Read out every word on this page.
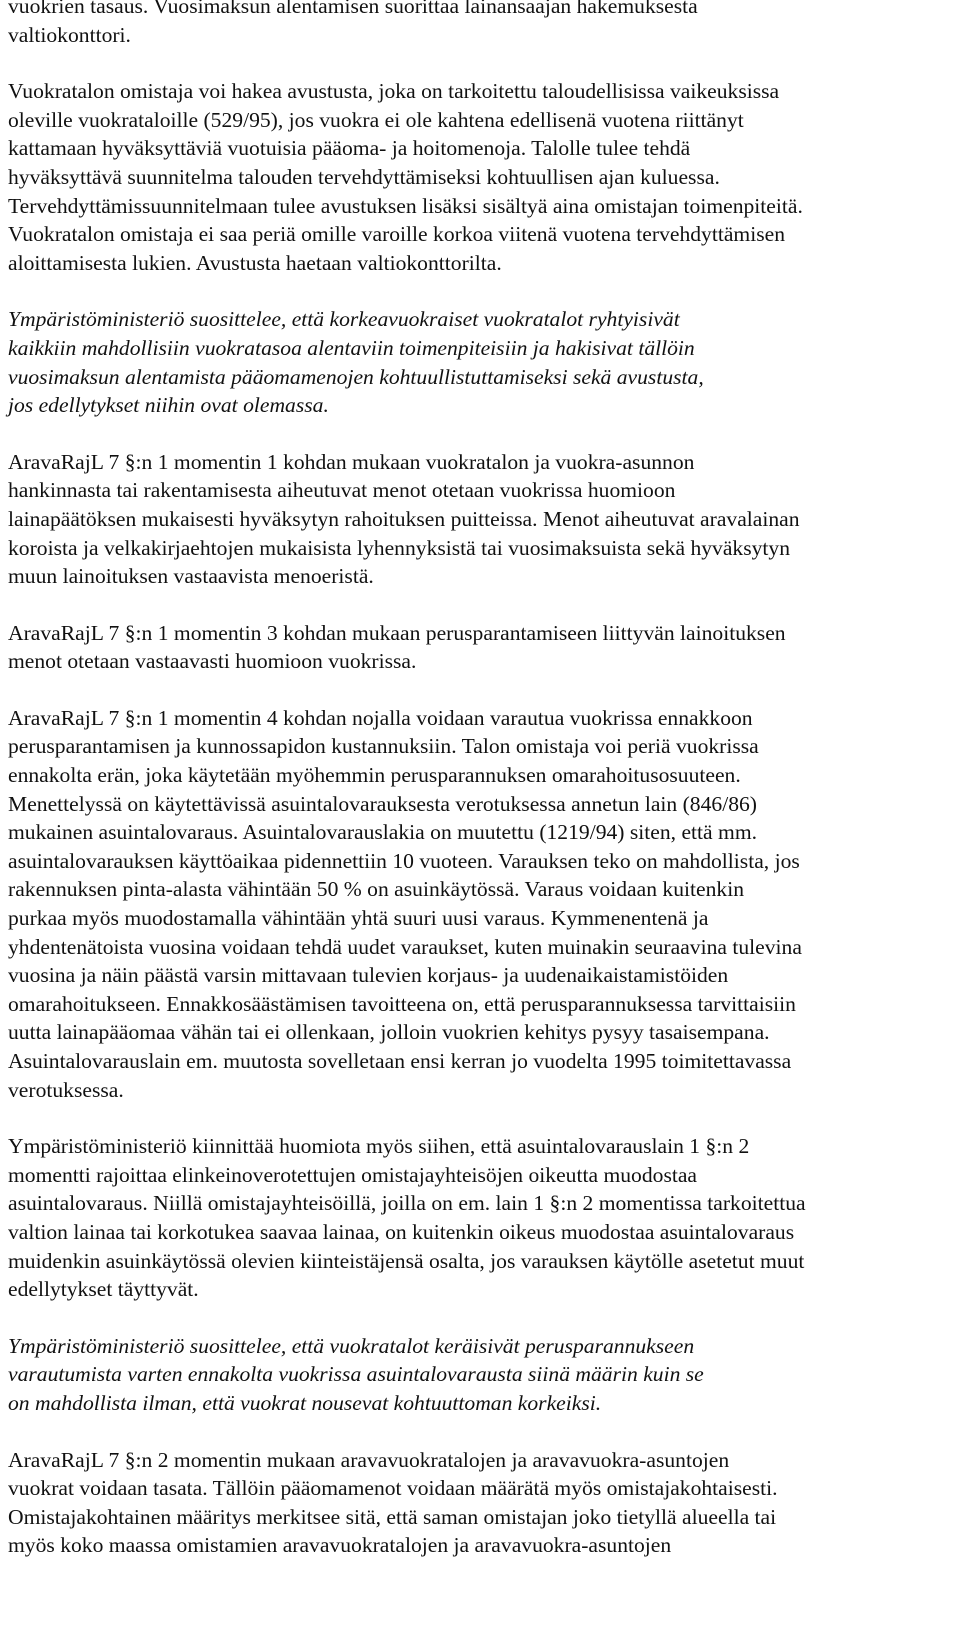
vuokrien tasaus. Vuosimaksun alentamisen suorittaa lainansaajan hakemuksesta
valtiokonttori.
Vuokratalon omistaja voi hakea avustusta, joka on tarkoitettu taloudellisissa vaikeuksissa
oleville vuokrataloille (529/95), jos vuokra ei ole kahtena edellisenä vuotena riittänyt
kattamaan hyväksyttäviä vuotuisia pääoma- ja hoitomenoja. Talolle tulee tehdä
hyväksyttävä suunnitelma talouden tervehdyttämiseksi kohtuullisen ajan kuluessa.
Tervehdyttämissuunnitelmaan tulee avustuksen lisäksi sisältyä aina omistajan toimenpiteitä.
Vuokratalon omistaja ei saa periä omille varoille korkoa viitenä vuotena tervehdyttämisen
aloittamisesta lukien. Avustusta haetaan valtiokonttorilta.
Ympäristöministeriö suosittelee, että korkeavuokraiset vuokratalot ryhtyisivät
kaikkiin mahdollisiin vuokratasoa alentaviin toimenpiteisiin ja hakisivat tällöin
vuosimaksun alentamista pääomamenojen kohtuullistuttamiseksi sekä avustusta,
jos edellytykset niihin ovat olemassa.
AravaRajL 7 §:n 1 momentin 1 kohdan mukaan vuokratalon ja vuokra-asunnon
hankinnasta tai rakentamisesta aiheutuvat menot otetaan vuokrissa huomioon
lainapäätöksen mukaisesti hyväksytyn rahoituksen puitteissa. Menot aiheutuvat aravalainan
koroista ja velkakirjaehtojen mukaisista lyhennyksistä tai vuosimaksuista sekä hyväksytyn
muun lainoituksen vastaavista menoeristä.
AravaRajL 7 §:n 1 momentin 3 kohdan mukaan perusparantamiseen liittyvän lainoituksen
menot otetaan vastaavasti huomioon vuokrissa.
AravaRajL 7 §:n 1 momentin 4 kohdan nojalla voidaan varautua vuokrissa ennakkoon
perusparantamisen ja kunnossapidon kustannuksiin. Talon omistaja voi periä vuokrissa
ennakolta erän, joka käytetään myöhemmin perusparannuksen omarahoitusosuuteen.
Menettelyssä on käytettävissä asuintalovarauksesta verotuksessa annetun lain (846/86)
mukainen asuintalovaraus. Asuintalovarauslakia on muutettu (1219/94) siten, että mm.
asuintalovarauksen käyttöaikaa pidennettiin 10 vuoteen. Varauksen teko on mahdollista, jos
rakennuksen pinta-alasta vähintään 50 % on asuinkäytössä. Varaus voidaan kuitenkin
purkaa myös muodostamalla vähintään yhtä suuri uusi varaus. Kymmenentenä ja
yhdentenätoista vuosina voidaan tehdä uudet varaukset, kuten muinakin seuraavina tulevina
vuosina ja näin päästä varsin mittavaan tulevien korjaus- ja uudenaikaistamistöiden
omarahoitukseen. Ennakkosäästämisen tavoitteena on, että perusparannuksessa tarvittaisiin
uutta lainapääomaa vähän tai ei ollenkaan, jolloin vuokrien kehitys pysyy tasaisempana.
Asuintalovarauslain em. muutosta sovelletaan ensi kerran jo vuodelta 1995 toimitettavassa
verotuksessa.
Ympäristöministeriö kiinnittää huomiota myös siihen, että asuintalovarauslain 1 §:n 2
momentti rajoittaa elinkeinoverotettujen omistajayhteisöjen oikeutta muodostaa
asuintalovaraus. Niillä omistajayhteisöillä, joilla on em. lain 1 §:n 2 momentissa tarkoitettua
valtion lainaa tai korkotukea saavaa lainaa, on kuitenkin oikeus muodostaa asuintalovaraus
muidenkin asuinkäytössä olevien kiinteistäjensä osalta, jos varauksen käytölle asetetut muut
edellytykset täyttyvät.
Ympäristöministeriö suosittelee, että vuokratalot keräisivät perusparannukseen
varautumista varten ennakolta vuokrissa asuintalovarausta siinä määrin kuin se
on mahdollista ilman, että vuokrat nousevat kohtuuttoman korkeiksi.
AravaRajL 7 §:n 2 momentin mukaan aravavuokratalojen ja aravavuokra-asuntojen
vuokrat voidaan tasata. Tällöin pääomamenot voidaan määrätä myös omistajakohtaisesti.
Omistajakohtainen määritys merkitsee sitä, että saman omistajan joko tietyllä alueella tai
myös koko maassa omistamien aravavuokratalojen ja aravavuokra-asuntojen
